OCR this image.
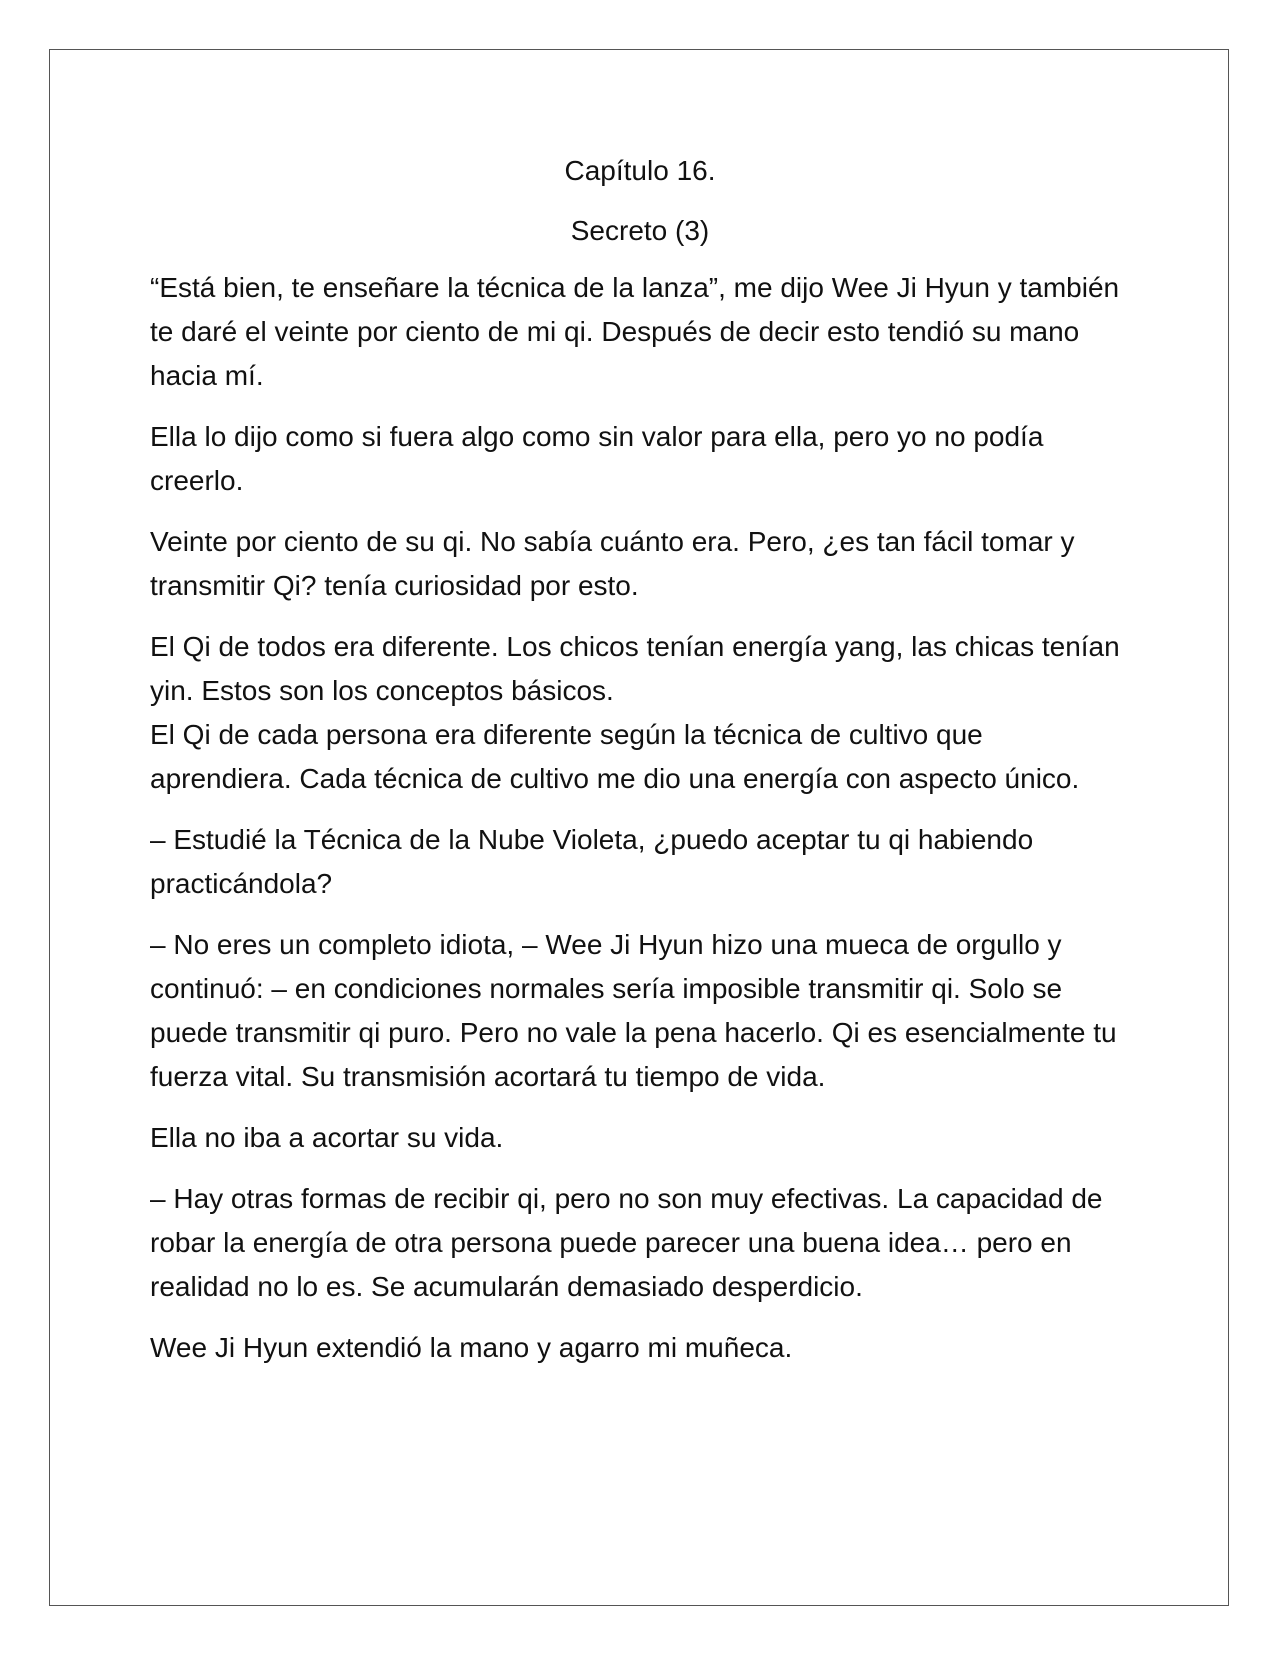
Capítulo 16.

Secreto (3)

“Está bien, te enseñare la técnica de la lanza”, me dijo Wee Ji Hyun y también te daré el veinte por ciento de mi qi. Después de decir esto tendió su mano hacia mí.

Ella lo dijo como si fuera algo como sin valor para ella, pero yo no podía creerlo.

Veinte por ciento de su qi. No sabía cuánto era. Pero, ¿es tan fácil tomar y transmitir Qi? tenía curiosidad por esto.

El Qi de todos era diferente. Los chicos tenían energía yang, las chicas tenían yin. Estos son los conceptos básicos.

El Qi de cada persona era diferente según la técnica de cultivo que aprendiera. Cada técnica de cultivo me dio una energía con aspecto único.

– Estudié la Técnica de la Nube Violeta, ¿puedo aceptar tu qi habiendo practicándola?

– No eres un completo idiota, – Wee Ji Hyun hizo una mueca de orgullo y continuó: – en condiciones normales sería imposible transmitir qi. Solo se puede transmitir qi puro. Pero no vale la pena hacerlo. Qi es esencialmente tu fuerza vital. Su transmisión acortará tu tiempo de vida.

Ella no iba a acortar su vida.

– Hay otras formas de recibir qi, pero no son muy efectivas. La capacidad de robar la energía de otra persona puede parecer una buena idea… pero en realidad no lo es. Se acumularán demasiado desperdicio.

Wee Ji Hyun extendió la mano y agarro mi muñeca.
